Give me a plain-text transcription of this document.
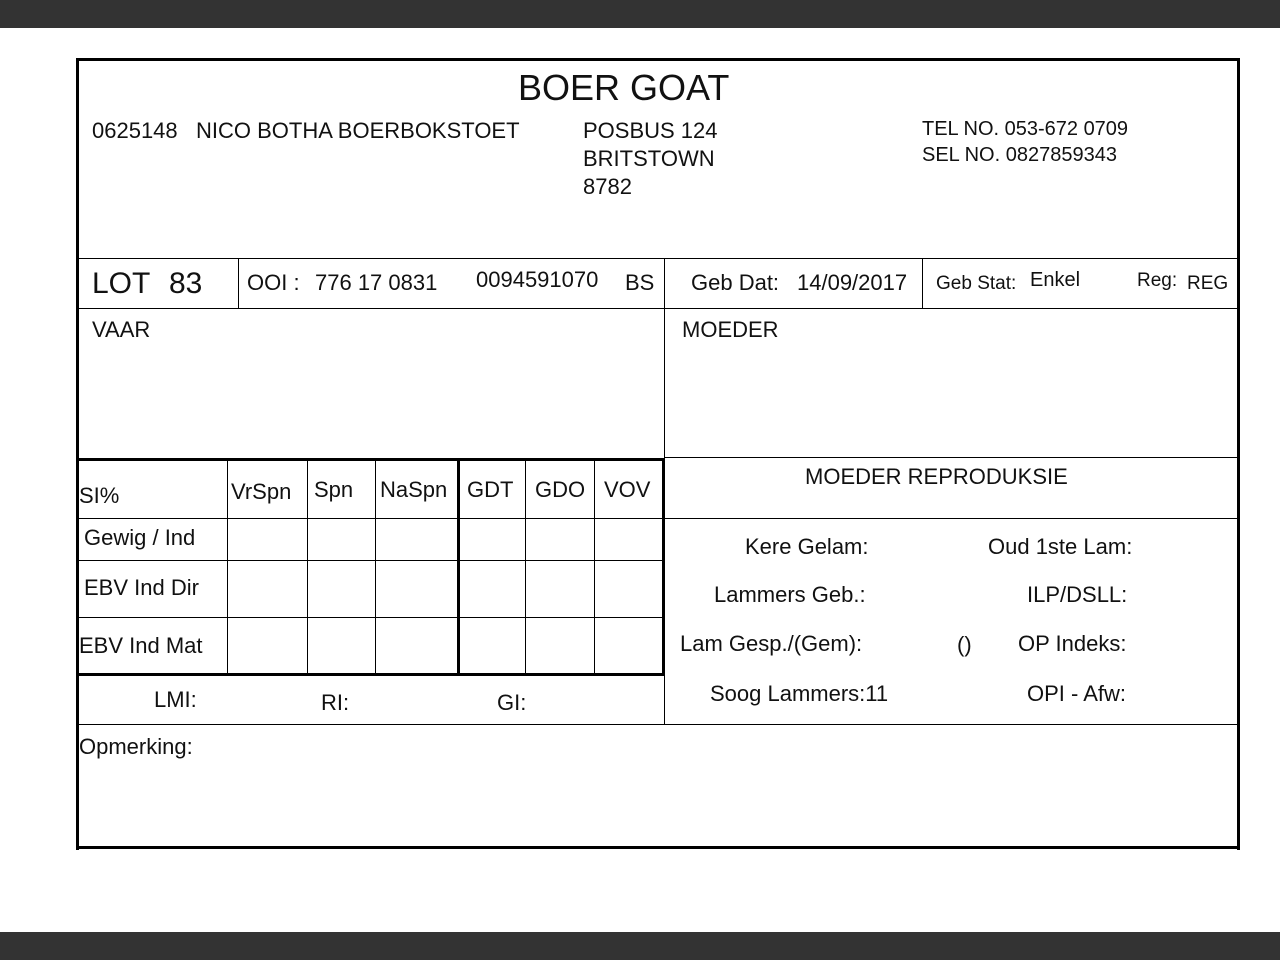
BOER GOAT
0625148 NICO BOTHA BOERBOKSTOET	POSBUS 124
BRITSTOWN
8782
TEL NO. 053-672 0709
SEL NO. 0827859343
LOT 83 OOI : 776 17 0831 0094591070 BS Geb Dat: 14/09/2017 Geb Stat: Enkel	Reg: REG
VAAR	MOEDER
SI%	VrSpn Spn NaSpn GDT GDO VOV
Gewig / Ind
EBV Ind Dir
EBV Ind Mat
LMI:	RI:	GI:
MOEDER REPRODUKSIE
Kere Gelam:	Oud 1ste Lam:
Lammers Geb.:	ILP/DSLL:
Lam Gesp./(Gem):	() OP Indeks:
Soog Lammers:11	OPI - Afw:
Opmerking:
